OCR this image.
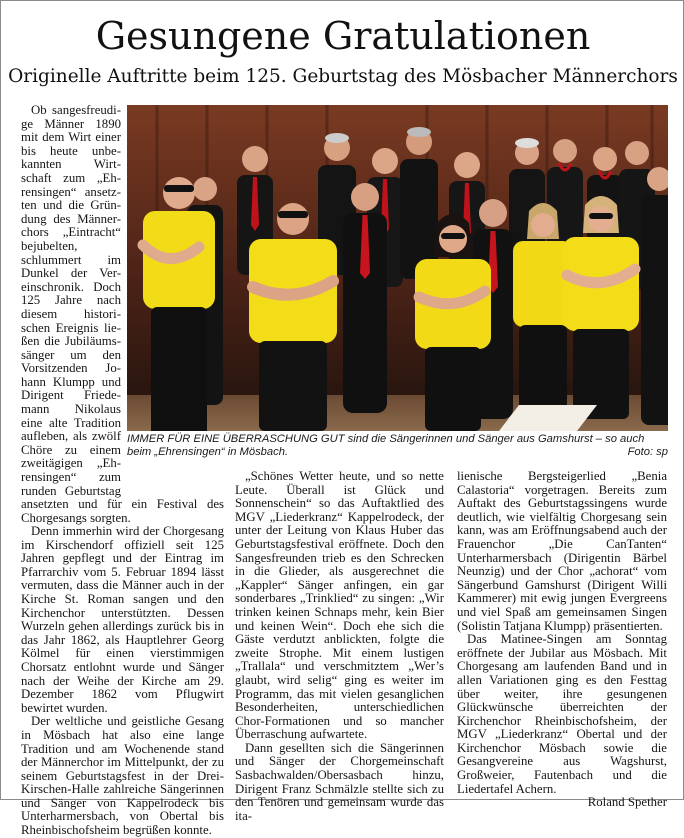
Gesungene Gratulationen
Originelle Auftritte beim 125. Geburtstag des Mösbacher Männerchors
IMMER FÜR EINE ÜBERRASCHUNG GUT sind die Sängerinnen und Sänger aus Gamshurst – so auch beim „Ehrensingen“ in Mösbach.	Foto: sp
Ob sangesfreudi-
ge Männer 1890
mit dem Wirt einer
bis heute unbe-
kannten Wirt-
schaft zum „Eh-
rensingen“ ansetz-
ten und die Grün-
dung des Männer-
chors „Eintracht“
bejubelten,
schlummert im
Dunkel der Ver-
einschronik. Doch
125 Jahre nach
diesem histori-
schen Ereignis lie-
ßen die Jubiläums-
sänger um den
Vorsitzenden Jo-
hann Klumpp und
Dirigent Friede-
mann Nikolaus
eine alte Tradition
aufleben, als zwölf
Chöre zu einem
zweitägigen „Eh-
rensingen“ zum
runden Geburtstag
ansetzten und für ein Festival des
Chorgesangs sorgten.

Denn immerhin wird der Chorgesang im Kirschendorf offiziell seit 125 Jahren gepflegt und der Eintrag im Pfarrarchiv vom 5. Februar 1894 lässt vermuten, dass die Männer auch in der Kirche St. Roman sangen und den Kirchenchor unterstützten. Dessen Wurzeln gehen allerdings zurück bis in das Jahr 1862, als Hauptlehrer Georg Kölmel für einen vierstimmigen Chorsatz entlohnt wurde und Sänger nach der Weihe der Kirche am 29. Dezember 1862 vom Pflugwirt bewirtet wurden.

Der weltliche und geistliche Gesang in Mösbach hat also eine lange Tradition und am Wochenende stand der Männerchor im Mittelpunkt, der zu seinem Geburtstagsfest in der Drei-Kirschen-Halle zahlreiche Sängerinnen und Sänger von Kappelrodeck bis Unterharmersbach, von Obertal bis Rheinbischofsheim begrüßen konnte.

„Schönes Wetter heute, und so nette Leute. Überall ist Glück und Sonnenschein“ so das Auftaktlied des MGV „Liederkranz“ Kappelrodeck, der unter der Leitung von Klaus Huber das Geburtstagsfestival eröffnete. Doch den Sangesfreunden trieb es den Schrecken in die Glieder, als ausgerechnet die „Kappler“ Sänger anfingen, ein gar sonderbares „Trinklied“ zu singen: „Wir trinken keinen Schnaps mehr, kein Bier und keinen Wein“. Doch ehe sich die Gäste verdutzt anblickten, folgte die zweite Strophe. Mit einem lustigen „Trallala“ und verschmitztem „Wer’s glaubt, wird selig“ ging es weiter im Programm, das mit vielen gesanglichen Besonderheiten, unterschiedlichen Chor-Formationen und so mancher Überraschung aufwartete.

Dann gesellten sich die Sängerinnen und Sänger der Chorgemeinschaft Sasbachwalden/Obersasbach hinzu, Dirigent Franz Schmälzle stellte sich zu den Tenören und gemeinsam wurde das ita-

lienische Bergsteigerlied „Benia Calastoria“ vorgetragen. Bereits zum Auftakt des Geburtstagssingens wurde deutlich, wie vielfältig Chorgesang sein kann, was am Eröffnungsabend auch der Frauenchor „Die CanTanten“ Unterharmersbach (Dirigentin Bärbel Neunzig) und der Chor „achorat“ vom Sängerbund Gamshurst (Dirigent Willi Kammerer) mit ewig jungen Evergreens und viel Spaß am gemeinsamen Singen (Solistin Tatjana Klumpp) präsentierten.

Das Matinee-Singen am Sonntag eröffnete der Jubilar aus Mösbach. Mit Chorgesang am laufenden Band und in allen Variationen ging es den Festtag über weiter, ihre gesungenen Glückwünsche überreichten der Kirchenchor Rheinbischofsheim, der MGV „Liederkranz“ Obertal und der Kirchenchor Mösbach sowie die Gesangvereine aus Wagshurst, Großweier, Fautenbach und die Liedertafel Achern.

Roland Spether
